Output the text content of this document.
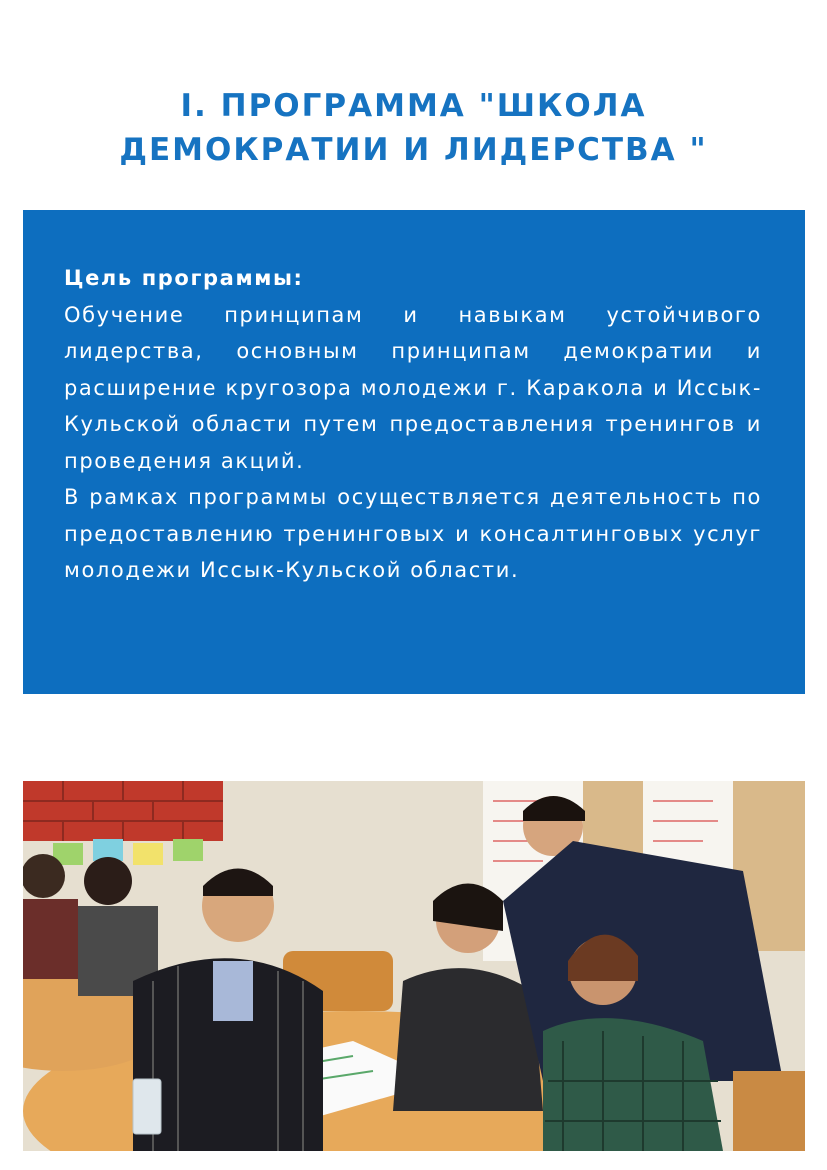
I. ПРОГРАММА "ШКОЛА
ДЕМОКРАТИИ И ЛИДЕРСТВА "
Цель программы:
Обучение принципам и навыкам устойчивого лидерства, основным принципам демократии и расширение кругозора молодежи г. Каракола и Иссык-Кульской области путем предоставления тренингов и проведения акций.
В рамках программы осуществляется деятельность по предоставлению тренинговых и консалтинговых услуг молодежи Иссык-Кульской области.
